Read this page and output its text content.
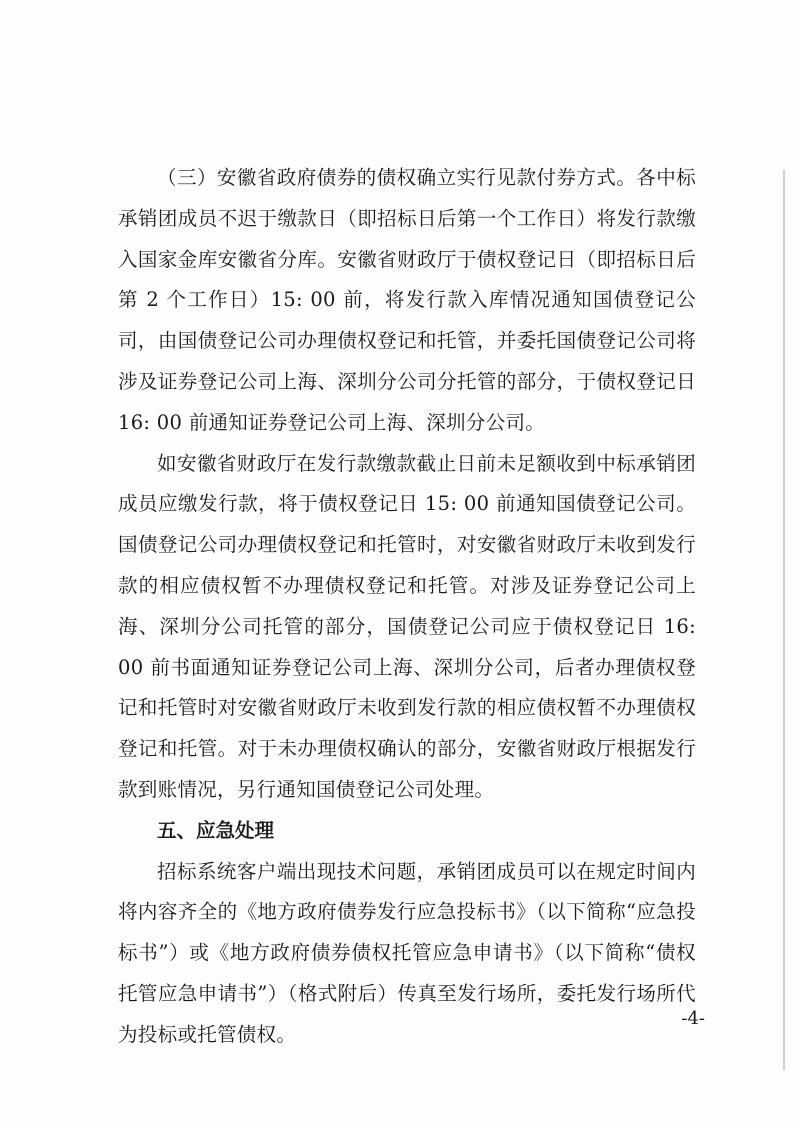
（三）安徽省政府债券的债权确立实行见款付券方式。各中标承销团成员不迟于缴款日（即招标日后第一个工作日）将发行款缴入国家金库安徽省分库。安徽省财政厅于债权登记日（即招标日后第 2 个工作日）15: 00 前，将发行款入库情况通知国债登记公司，由国债登记公司办理债权登记和托管，并委托国债登记公司将涉及证券登记公司上海、深圳分公司分托管的部分，于债权登记日 16: 00 前通知证券登记公司上海、深圳分公司。

如安徽省财政厅在发行款缴款截止日前未足额收到中标承销团成员应缴发行款，将于债权登记日 15: 00 前通知国债登记公司。国债登记公司办理债权登记和托管时，对安徽省财政厅未收到发行款的相应债权暂不办理债权登记和托管。对涉及证券登记公司上海、深圳分公司托管的部分，国债登记公司应于债权登记日 16: 00 前书面通知证券登记公司上海、深圳分公司，后者办理债权登记和托管时对安徽省财政厅未收到发行款的相应债权暂不办理债权登记和托管。对于未办理债权确认的部分，安徽省财政厅根据发行款到账情况，另行通知国债登记公司处理。

五、应急处理

招标系统客户端出现技术问题，承销团成员可以在规定时间内将内容齐全的《地方政府债券发行应急投标书》（以下简称“应急投标书”）或《地方政府债券债权托管应急申请书》（以下简称“债权托管应急申请书”）（格式附后）传真至发行场所，委托发行场所代为投标或托管债权。

-4-
